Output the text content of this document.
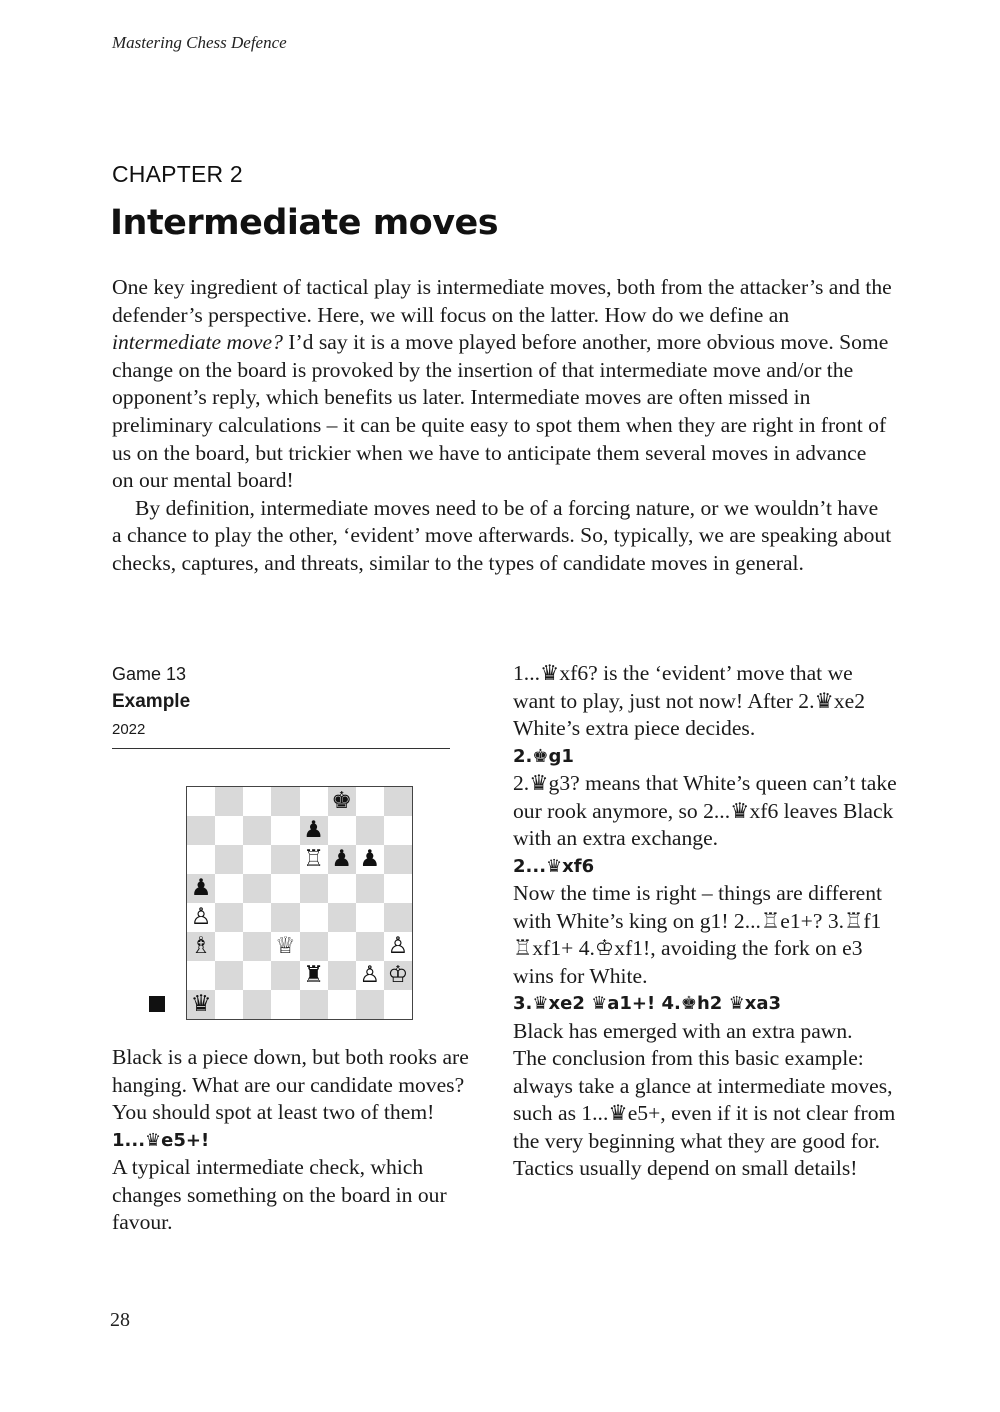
Mastering Chess Defence
CHAPTER 2
Intermediate moves

One key ingredient of tactical play is intermediate moves, both from the attacker’s and the defender’s perspective. Here, we will focus on the latter. How do we define an intermediate move? I’d say it is a move played before another, more obvious move. Some change on the board is provoked by the insertion of that intermediate move and/or the opponent’s reply, which benefits us later. Intermediate moves are often missed in preliminary calculations – it can be quite easy to spot them when they are right in front of us on the board, but trickier when we have to anticipate them several moves in advance on our mental board!

By definition, intermediate moves need to be of a forcing nature, or we wouldn’t have a chance to play the other, ‘evident’ move afterwards. So, typically, we are speaking about checks, captures, and threats, similar to the types of candidate moves in general.

Game 13

Example

2022

♚
♟
♖ ♟ ♟
♟
♙
♗	♕	♙
♜ ♙ ♔
♛

Black is a piece down, but both rooks are hanging. What are our candidate moves? You should spot at least two of them!

1...♛e5+!

A typical intermediate check, which changes something on the board in our favour.

1...♛xf6? is the ‘evident’ move that we want to play, just not now! After 2.♛xe2 White’s extra piece decides.

2.♚g1

2.♛g3? means that White’s queen can’t take our rook anymore, so 2...♛xf6 leaves Black with an extra exchange.

2...♛xf6

Now the time is right – things are different with White’s king on g1! 2...♖e1+? 3.♖f1 ♖xf1+ 4.♔xf1!, avoiding the fork on e3 wins for White.

3.♛xe2 ♛a1+! 4.♚h2 ♛xa3

Black has emerged with an extra pawn.

The conclusion from this basic example: always take a glance at intermediate moves, such as 1...♛e5+, even if it is not clear from the very beginning what they are good for. Tactics usually depend on small details!

28
